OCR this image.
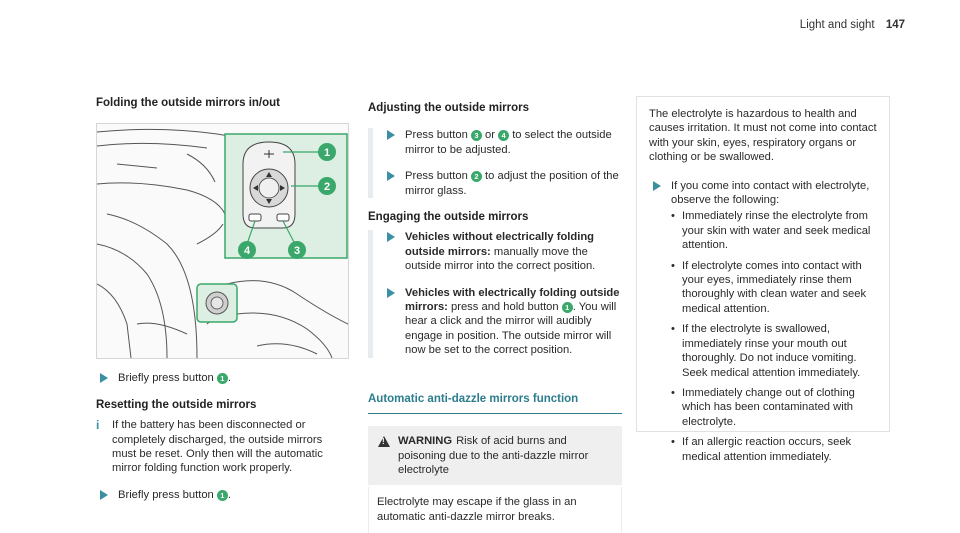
Light and sight 147
Folding the outside mirrors in/out
1
2
3
4
Briefly press button 1 .
Resetting the outside mirrors
i If the battery has been disconnected or completely discharged, the outside mirrors must be reset. Only then will the automatic mirror folding function work properly.
Briefly press button 1 .
Adjusting the outside mirrors
Press button 3 or 4 to select the outside mirror to be adjusted.
Press button 2 to adjust the position of the mirror glass.
Engaging the outside mirrors
Vehicles without electrically folding outside mirrors: manually move the outside mirror into the correct position.
Vehicles with electrically folding outside mirrors: press and hold button 1 . You will hear a click and the mirror will audibly engage in position. The outside mirror will now be set to the correct position.
Automatic anti-dazzle mirrors function
!
WARNING Risk of acid burns and poisoning due to the anti-dazzle mirror electrolyte
Electrolyte may escape if the glass in an automatic anti-dazzle mirror breaks.

The electrolyte is hazardous to health and causes irritation. It must not come into contact with your skin, eyes, respiratory organs or clothing or be swallowed.

If you come into contact with electrolyte, observe the following:
• Immediately rinse the electrolyte from your skin with water and seek medical attention.
• If electrolyte comes into contact with your eyes, immediately rinse them thoroughly with clean water and seek medical attention.
• If the electrolyte is swallowed, immediately rinse your mouth out thoroughly. Do not induce vomiting. Seek medical attention immediately.
• Immediately change out of clothing which has been contaminated with electrolyte.
• If an allergic reaction occurs, seek medical attention immediately.
